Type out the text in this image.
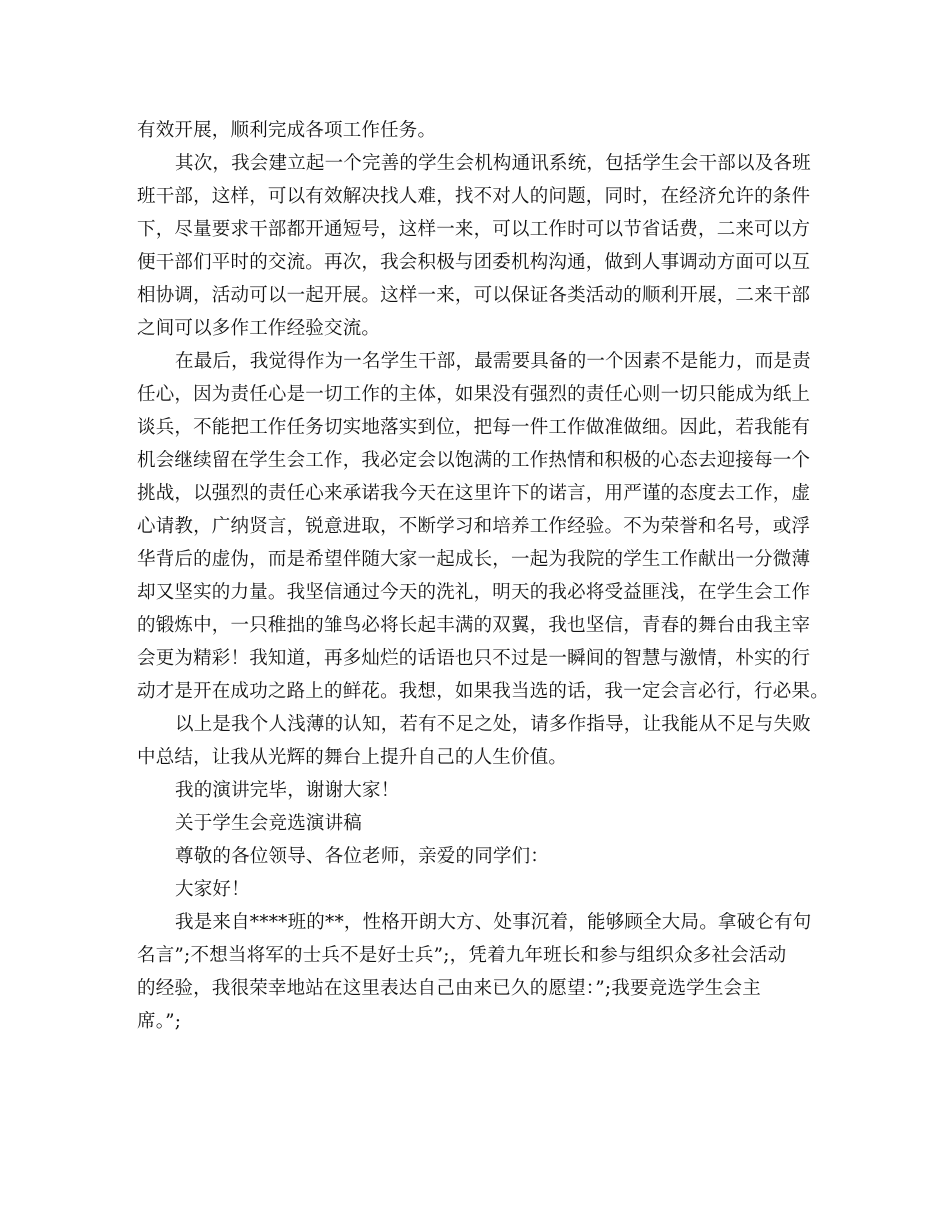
有效开展，顺利完成各项工作任务。
其次，我会建立起一个完善的学生会机构通讯系统，包括学生会干部以及各班
班干部，这样，可以有效解决找人难，找不对人的问题，同时，在经济允许的条件
下，尽量要求干部都开通短号，这样一来，可以工作时可以节省话费，二来可以方
便干部们平时的交流。再次，我会积极与团委机构沟通，做到人事调动方面可以互
相协调，活动可以一起开展。这样一来，可以保证各类活动的顺利开展，二来干部
之间可以多作工作经验交流。
在最后，我觉得作为一名学生干部，最需要具备的一个因素不是能力，而是责
任心，因为责任心是一切工作的主体，如果没有强烈的责任心则一切只能成为纸上
谈兵，不能把工作任务切实地落实到位，把每一件工作做准做细。因此，若我能有
机会继续留在学生会工作，我必定会以饱满的工作热情和积极的心态去迎接每一个
挑战，以强烈的责任心来承诺我今天在这里许下的诺言，用严谨的态度去工作，虚
心请教，广纳贤言，锐意进取，不断学习和培养工作经验。不为荣誉和名号，或浮
华背后的虚伪，而是希望伴随大家一起成长，一起为我院的学生工作献出一分微薄
却又坚实的力量。我坚信通过今天的洗礼，明天的我必将受益匪浅，在学生会工作
的锻炼中，一只稚拙的雏鸟必将长起丰满的双翼，我也坚信，青春的舞台由我主宰
会更为精彩！我知道，再多灿烂的话语也只不过是一瞬间的智慧与激情，朴实的行
动才是开在成功之路上的鲜花。我想，如果我当选的话，我一定会言必行，行必果。
以上是我个人浅薄的认知，若有不足之处，请多作指导，让我能从不足与失败
中总结，让我从光辉的舞台上提升自己的人生价值。
我的演讲完毕，谢谢大家！
关于学生会竞选演讲稿
尊敬的各位领导、各位老师，亲爱的同学们：
大家好！
我是来自****班的**，性格开朗大方、处事沉着，能够顾全大局。拿破仑有句
名言”;不想当将军的士兵不是好士兵”;，凭着九年班长和参与组织众多社会活动
的经验，我很荣幸地站在这里表达自己由来已久的愿望：”;我要竞选学生会主
席。”;
